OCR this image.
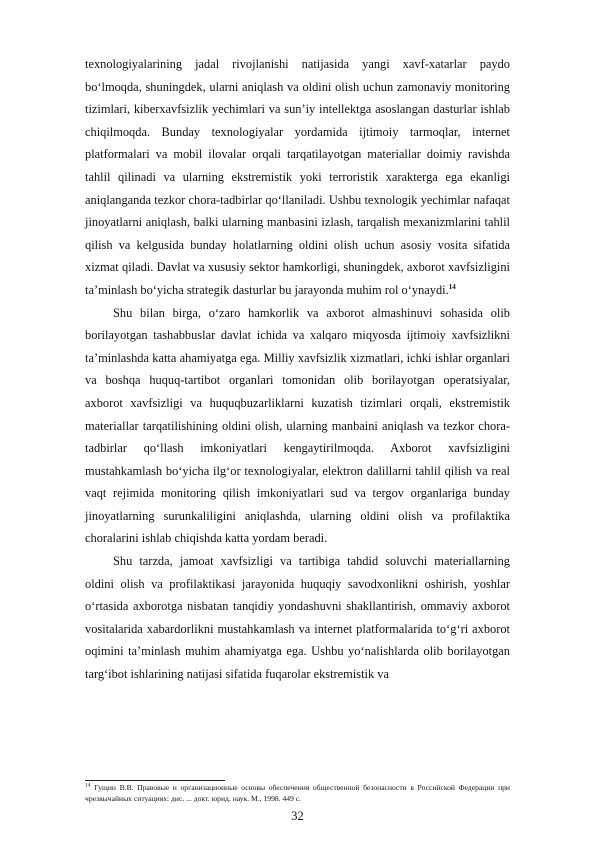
texnologiyalarining jadal rivojlanishi natijasida yangi xavf-xatarlar paydo bo‘lmoqda, shuningdek, ularni aniqlash va oldini olish uchun zamonaviy monitoring tizimlari, kiberxavfsizlik yechimlari va sun’iy intellektga asoslangan dasturlar ishlab chiqilmoqda. Bunday texnologiyalar yordamida ijtimoiy tarmoqlar, internet platformalari va mobil ilovalar orqali tarqatilayotgan materiallar doimiy ravishda tahlil qilinadi va ularning ekstremistik yoki terroristik xarakterga ega ekanligi aniqlanganda tezkor chora-tadbirlar qo‘llaniladi. Ushbu texnologik yechimlar nafaqat jinoyatlarni aniqlash, balki ularning manbasini izlash, tarqalish mexanizmlarini tahlil qilish va kelgusida bunday holatlarning oldini olish uchun asosiy vosita sifatida xizmat qiladi. Davlat va xususiy sektor hamkorligi, shuningdek, axborot xavfsizligini ta’minlash bo‘yicha strategik dasturlar bu jarayonda muhim rol o‘ynaydi.$^{14}$

Shu bilan birga, o‘zaro hamkorlik va axborot almashinuvi sohasida olib borilayotgan tashabbuslar davlat ichida va xalqaro miqyosda ijtimoiy xavfsizlikni ta’minlashda katta ahamiyatga ega. Milliy xavfsizlik xizmatlari, ichki ishlar organlari va boshqa huquq-tartibot organlari tomonidan olib borilayotgan operatsiyalar, axborot xavfsizligi va huquqbuzarliklarni kuzatish tizimlari orqali, ekstremistik materiallar tarqatilishining oldini olish, ularning manbaini aniqlash va tezkor chora-tadbirlar qo‘llash imkoniyatlari kengaytirilmoqda. Axborot xavfsizligini mustahkamlash bo‘yicha ilg‘or texnologiyalar, elektron dalillarni tahlil qilish va real vaqt rejimida monitoring qilish imkoniyatlari sud va tergov organlariga bunday jinoyatlarning surunkaliligini aniqlashda, ularning oldini olish va profilaktika choralarini ishlab chiqishda katta yordam beradi.

Shu tarzda, jamoat xavfsizligi va tartibiga tahdid soluvchi materiallarning oldini olish va profilaktikasi jarayonida huquqiy savodxonlikni oshirish, yoshlar o‘rtasida axborotga nisbatan tanqidiy yondashuvni shakllantirish, ommaviy axborot vositalarida xabardorlikni mustahkamlash va internet platformalarida to‘g‘ri axborot oqimini ta’minlash muhim ahamiyatga ega. Ushbu yo‘nalishlarda olib borilayotgan targ‘ibot ishlarining natijasi sifatida fuqarolar ekstremistik va

$^{14}$ Гущин В.В. Правовые и организационные основы обеспечения общественной безопасности в Российской Федерации при чрезвычайных ситуациях: дис. ... докт. юрид. наук. М., 1998. 449 с.
32
